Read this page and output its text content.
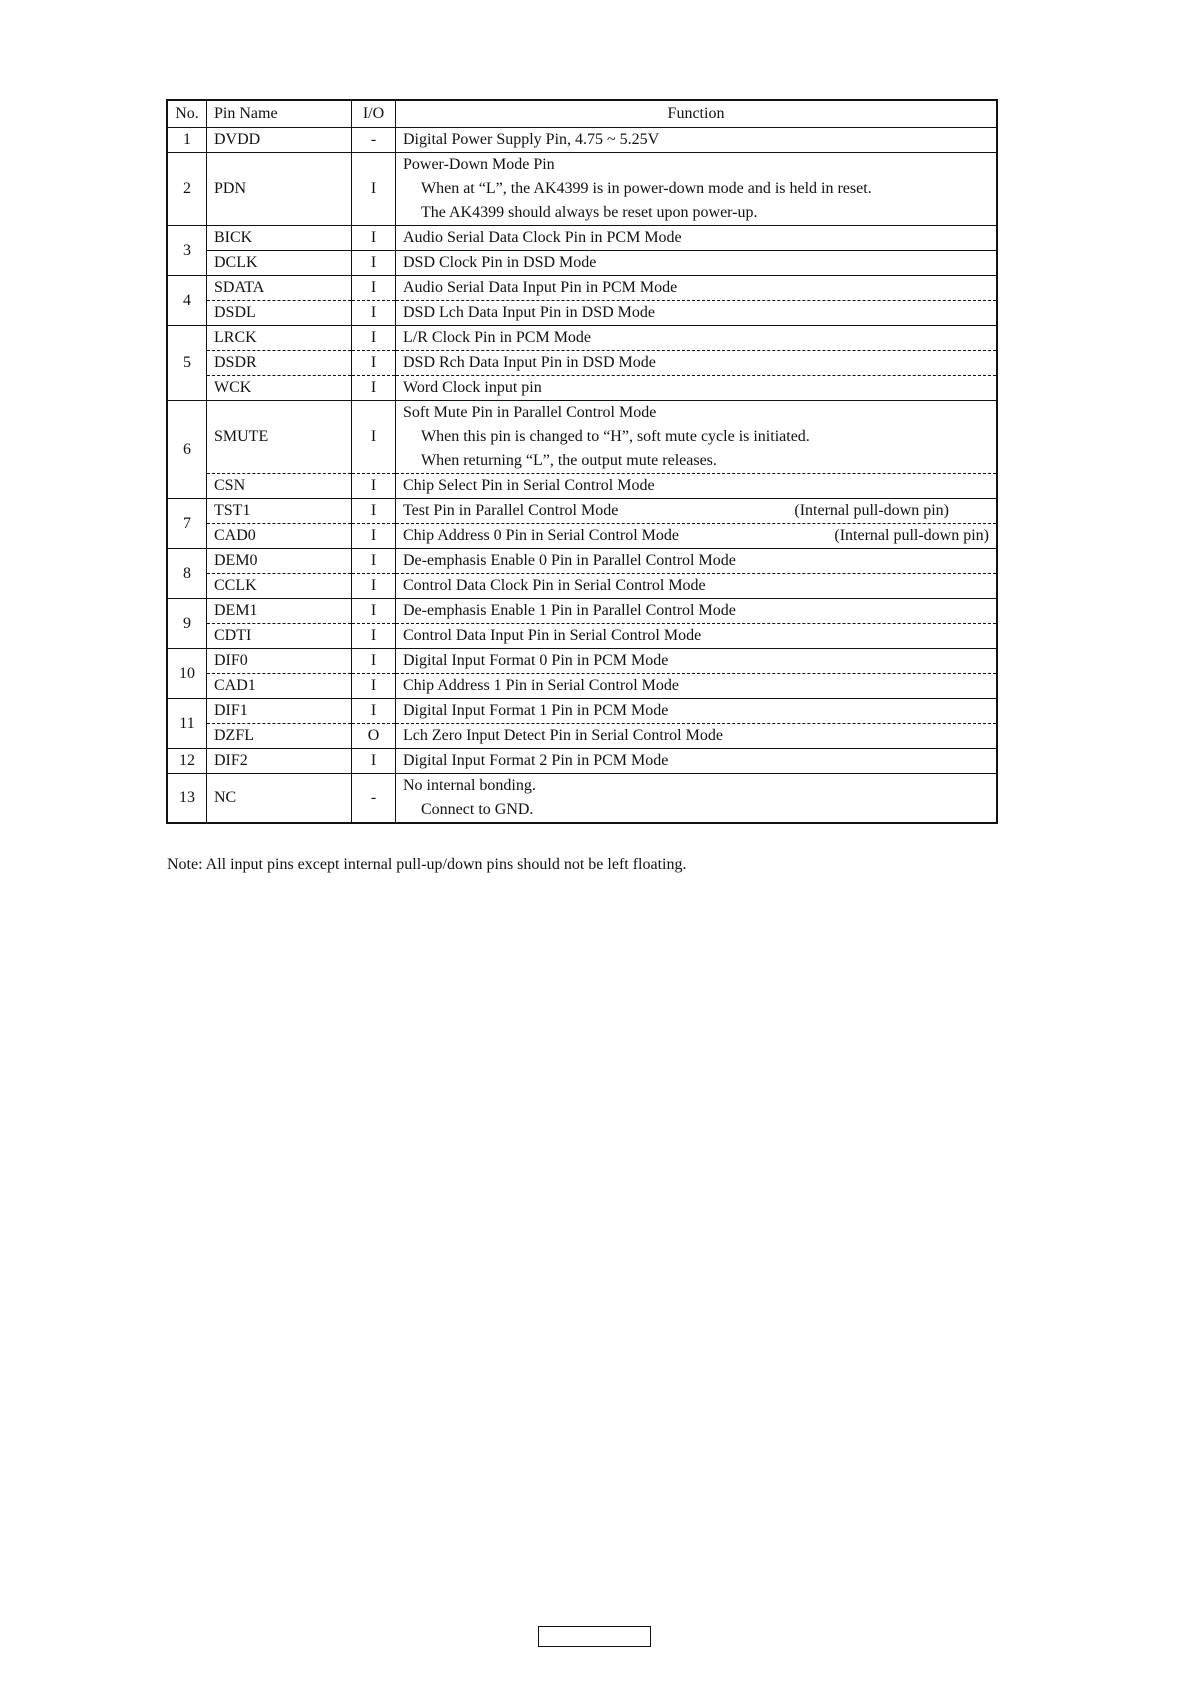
No.	Pin Name	I/O	Function
1	DVDD	-	Digital Power Supply Pin, 4.75 ~ 5.25V

2	PDN	I	Power-Down Mode Pin
When at “L”, the AK4399 is in power-down mode and is held in reset.
The AK4399 should always be reset upon power-up.

3	BICK	I	Audio Serial Data Clock Pin in PCM Mode

	DCLK	I	DSD Clock Pin in DSD Mode

4	SDATA	I	Audio Serial Data Input Pin in PCM Mode

	DSDL	I	DSD Lch Data Input Pin in DSD Mode

5	LRCK	I	L/R Clock Pin in PCM Mode

	DSDR	I	DSD Rch Data Input Pin in DSD Mode

	WCK	I	Word Clock input pin

6	SMUTE	I	Soft Mute Pin in Parallel Control Mode
When this pin is changed to “H”, soft mute cycle is initiated.
When returning “L”, the output mute releases.

	CSN	I	Chip Select Pin in Serial Control Mode

7	TST1	I	Test Pin in Parallel Control Mode (Internal pull-down pin)

	CAD0	I	Chip Address 0 Pin in Serial Control Mode (Internal pull-down pin)

8	DEM0	I	De-emphasis Enable 0 Pin in Parallel Control Mode

	CCLK	I	Control Data Clock Pin in Serial Control Mode

9	DEM1	I	De-emphasis Enable 1 Pin in Parallel Control Mode

	CDTI	I	Control Data Input Pin in Serial Control Mode

10	DIF0	I	Digital Input Format 0 Pin in PCM Mode

	CAD1	I	Chip Address 1 Pin in Serial Control Mode

11	DIF1	I	Digital Input Format 1 Pin in PCM Mode

	DZFL	O	Lch Zero Input Detect Pin in Serial Control Mode

12	DIF2	I	Digital Input Format 2 Pin in PCM Mode

13	NC	-	No internal bonding.
Connect to GND.
Note: All input pins except internal pull-up/down pins should not be left floating.
